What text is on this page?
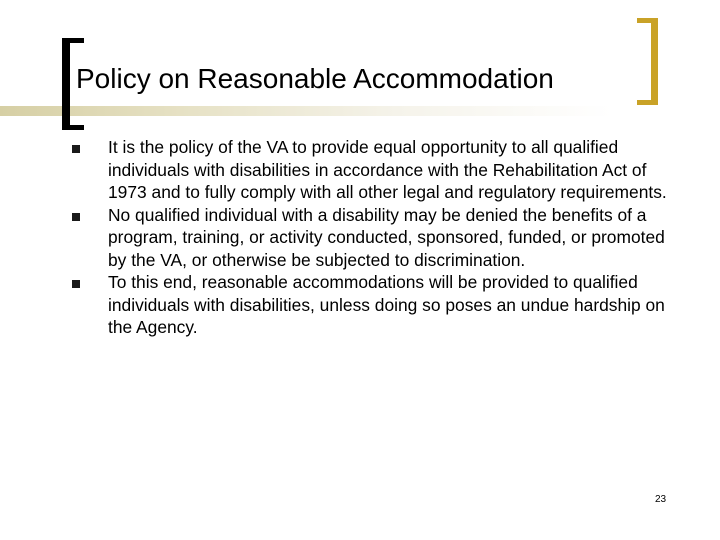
Policy on Reasonable Accommodation
It is the policy of the VA to provide equal opportunity to all qualified individuals with disabilities in accordance with the Rehabilitation Act of 1973 and to fully comply with all other legal and regulatory requirements.
No qualified individual with a disability may be denied the benefits of a program, training, or activity conducted, sponsored, funded, or promoted by the VA, or otherwise be subjected to discrimination.
To this end, reasonable accommodations will be provided to qualified individuals with disabilities, unless doing so poses an undue hardship on the Agency.
23
